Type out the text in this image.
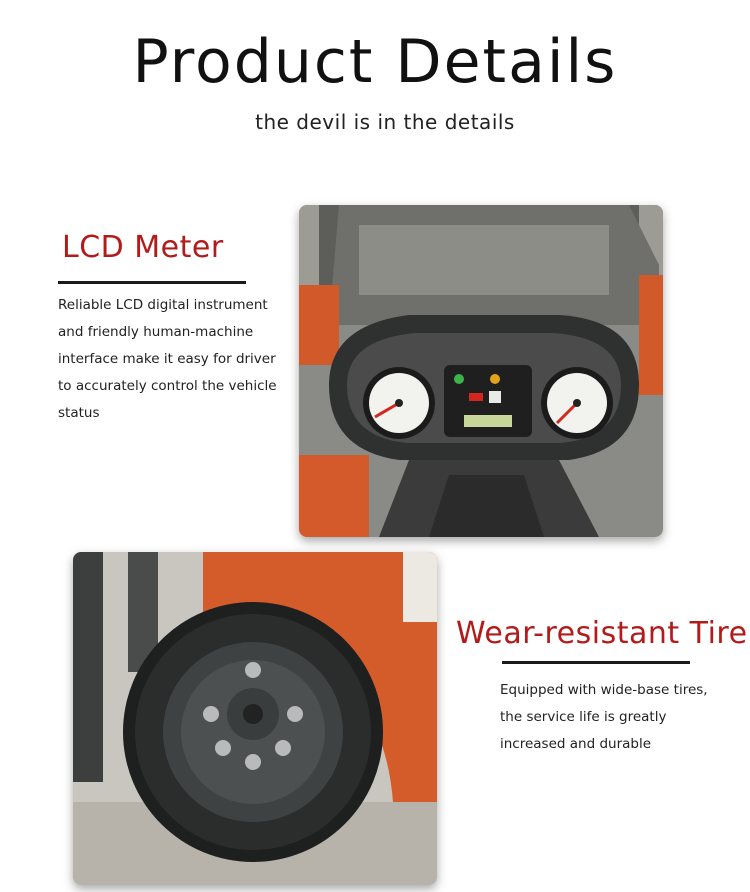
Product Details
the devil is in the details
LCD Meter
Reliable LCD digital instrument and friendly human-machine interface make it easy for driver to accurately control the vehicle status
Wear-resistant Tire
Equipped with wide-base tires, the service life is greatly increased and durable
